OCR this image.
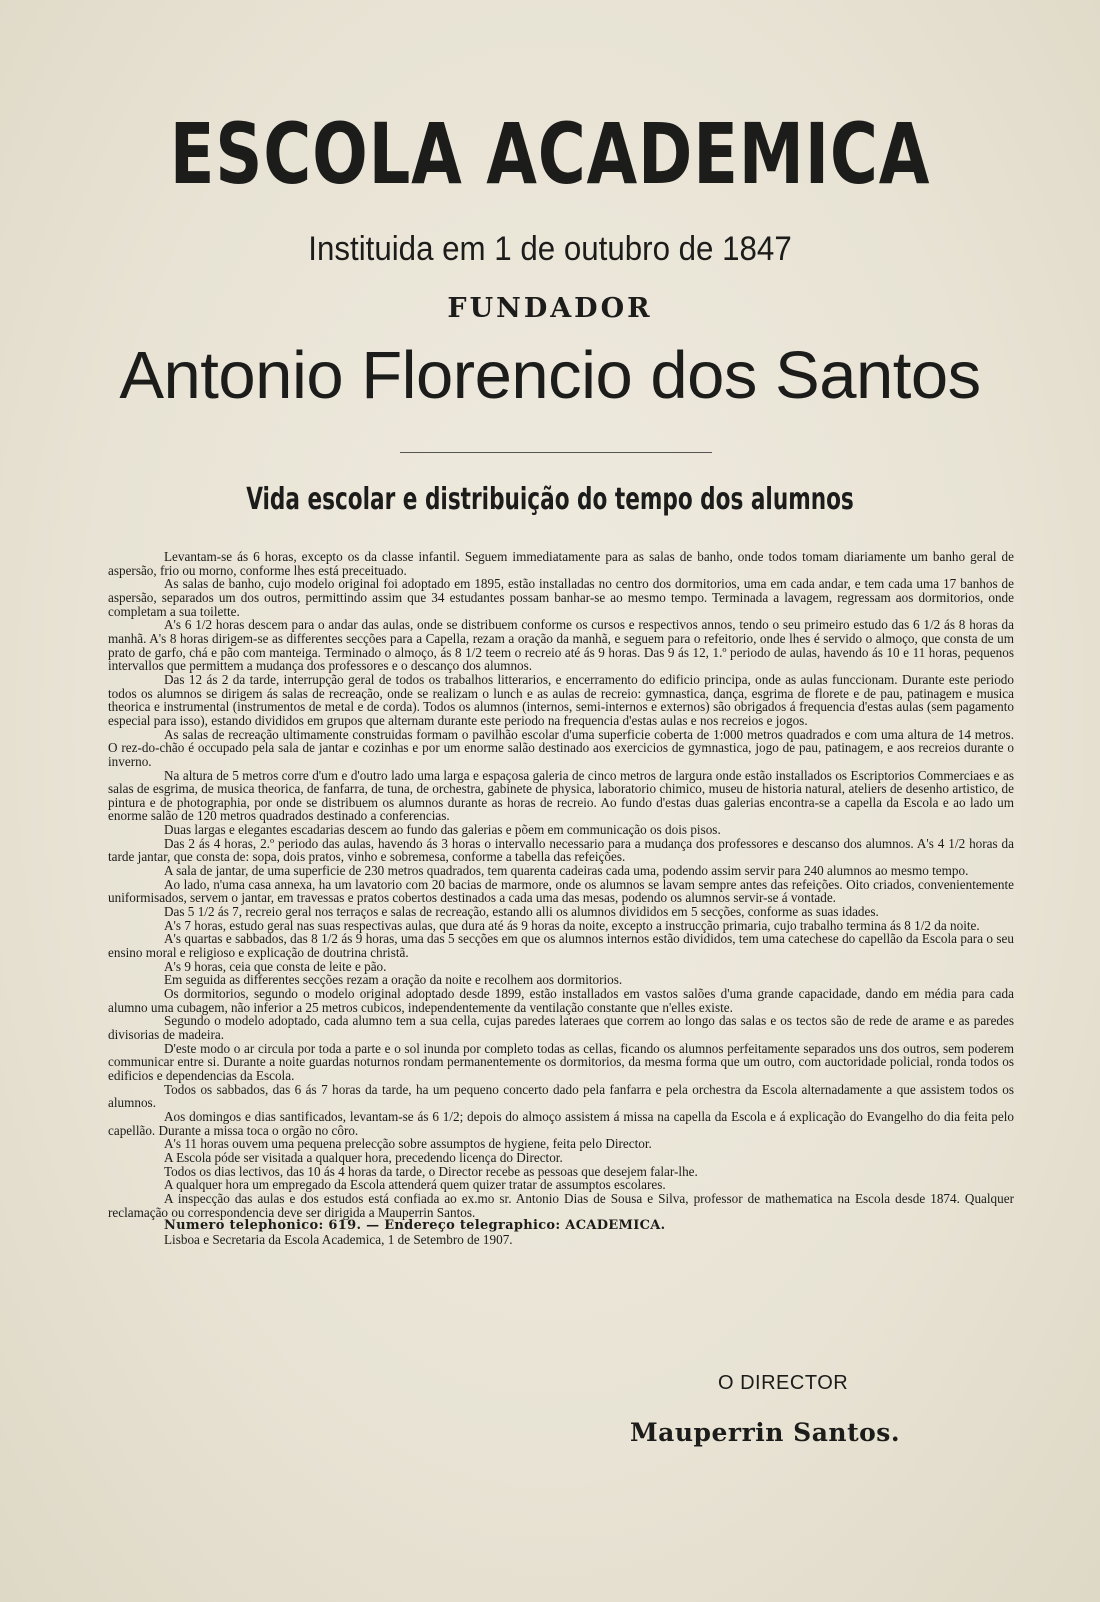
ESCOLA ACADEMICA
Instituida em 1 de outubro de 1847
FUNDADOR
Antonio Florencio dos Santos
Vida escolar e distribuição do tempo dos alumnos

Levantam-se ás 6 horas, excepto os da classe infantil. Seguem immediatamente para as salas de banho, onde todos tomam diariamente um banho geral de aspersão, frio ou morno, conforme lhes está preceituado.

As salas de banho, cujo modelo original foi adoptado em 1895, estão installadas no centro dos dormitorios, uma em cada andar, e tem cada uma 17 banhos de aspersão, separados um dos outros, permittindo assim que 34 estudantes possam banhar-se ao mesmo tempo. Terminada a lavagem, regressam aos dormitorios, onde completam a sua toilette.

A's 6 1/2 horas descem para o andar das aulas, onde se distribuem conforme os cursos e respectivos annos, tendo o seu primeiro estudo das 6 1/2 ás 8 horas da manhã. A's 8 horas dirigem-se as differentes secções para a Capella, rezam a oração da manhã, e seguem para o refeitorio, onde lhes é servido o almoço, que consta de um prato de garfo, chá e pão com manteiga. Terminado o almoço, ás 8 1/2 teem o recreio até ás 9 horas. Das 9 ás 12, 1.º periodo de aulas, havendo ás 10 e 11 horas, pequenos intervallos que permittem a mudança dos professores e o descanço dos alumnos.

Das 12 ás 2 da tarde, interrupção geral de todos os trabalhos litterarios, e encerramento do edificio principa, onde as aulas funccionam. Durante este periodo todos os alumnos se dirigem ás salas de recreação, onde se realizam o lunch e as aulas de recreio: gymnastica, dança, esgrima de florete e de pau, patinagem e musica theorica e instrumental (instrumentos de metal e de corda). Todos os alumnos (internos, semi-internos e externos) são obrigados á frequencia d'estas aulas (sem pagamento especial para isso), estando divididos em grupos que alternam durante este periodo na frequencia d'estas aulas e nos recreios e jogos.

As salas de recreação ultimamente construidas formam o pavilhão escolar d'uma superficie coberta de 1:000 metros quadrados e com uma altura de 14 metros. O rez-do-chão é occupado pela sala de jantar e cozinhas e por um enorme salão destinado aos exercicios de gymnastica, jogo de pau, patinagem, e aos recreios durante o inverno.

Na altura de 5 metros corre d'um e d'outro lado uma larga e espaçosa galeria de cinco metros de largura onde estão installados os Escriptorios Commerciaes e as salas de esgrima, de musica theorica, de fanfarra, de tuna, de orchestra, gabinete de physica, laboratorio chimico, museu de historia natural, ateliers de desenho artistico, de pintura e de photographia, por onde se distribuem os alumnos durante as horas de recreio. Ao fundo d'estas duas galerias encontra-se a capella da Escola e ao lado um enorme salão de 120 metros quadrados destinado a conferencias.

Duas largas e elegantes escadarias descem ao fundo das galerias e põem em communicação os dois pisos.

Das 2 ás 4 horas, 2.º periodo das aulas, havendo ás 3 horas o intervallo necessario para a mudança dos professores e descanso dos alumnos. A's 4 1/2 horas da tarde jantar, que consta de: sopa, dois pratos, vinho e sobremesa, conforme a tabella das refeições.

A sala de jantar, de uma superficie de 230 metros quadrados, tem quarenta cadeiras cada uma, podendo assim servir para 240 alumnos ao mesmo tempo.

Ao lado, n'uma casa annexa, ha um lavatorio com 20 bacias de marmore, onde os alumnos se lavam sempre antes das refeições. Oito criados, convenientemente uniformisados, servem o jantar, em travessas e pratos cobertos destinados a cada uma das mesas, podendo os alumnos servir-se á vontade.

Das 5 1/2 ás 7, recreio geral nos terraços e salas de recreação, estando alli os alumnos divididos em 5 secções, conforme as suas idades.

A's 7 horas, estudo geral nas suas respectivas aulas, que dura até ás 9 horas da noite, excepto a instrucção primaria, cujo trabalho termina ás 8 1/2 da noite.

A's quartas e sabbados, das 8 1/2 ás 9 horas, uma das 5 secções em que os alumnos internos estão divididos, tem uma catechese do capellão da Escola para o seu ensino moral e religioso e explicação de doutrina christã.

A's 9 horas, ceia que consta de leite e pão.

Em seguida as differentes secções rezam a oração da noite e recolhem aos dormitorios.

Os dormitorios, segundo o modelo original adoptado desde 1899, estão installados em vastos salões d'uma grande capacidade, dando em média para cada alumno uma cubagem, não inferior a 25 metros cubicos, independentemente da ventilação constante que n'elles existe.

Segundo o modelo adoptado, cada alumno tem a sua cella, cujas paredes lateraes que correm ao longo das salas e os tectos são de rede de arame e as paredes divisorias de madeira.

D'este modo o ar circula por toda a parte e o sol inunda por completo todas as cellas, ficando os alumnos perfeitamente separados uns dos outros, sem poderem communicar entre si. Durante a noite guardas noturnos rondam permanentemente os dormitorios, da mesma forma que um outro, com auctoridade policial, ronda todos os edificios e dependencias da Escola.

Todos os sabbados, das 6 ás 7 horas da tarde, ha um pequeno concerto dado pela fanfarra e pela orchestra da Escola alternadamente a que assistem todos os alumnos.

Aos domingos e dias santificados, levantam-se ás 6 1/2; depois do almoço assistem á missa na capella da Escola e á explicação do Evangelho do dia feita pelo capellão. Durante a missa toca o orgão no côro.

A's 11 horas ouvem uma pequena prelecção sobre assumptos de hygiene, feita pelo Director.

A Escola póde ser visitada a qualquer hora, precedendo licença do Director.

Todos os dias lectivos, das 10 ás 4 horas da tarde, o Director recebe as pessoas que desejem falar-lhe.

A qualquer hora um empregado da Escola attenderá quem quizer tratar de assumptos escolares.

A inspecção das aulas e dos estudos está confiada ao ex.mo sr. Antonio Dias de Sousa e Silva, professor de mathematica na Escola desde 1874. Qualquer reclamação ou correspondencia deve ser dirigida a Mauperrin Santos.

Numero telephonico: 619. — Endereço telegraphico: ACADEMICA.

Lisboa e Secretaria da Escola Academica, 1 de Setembro de 1907.

O DIRECTOR
Mauperrin Santos.
